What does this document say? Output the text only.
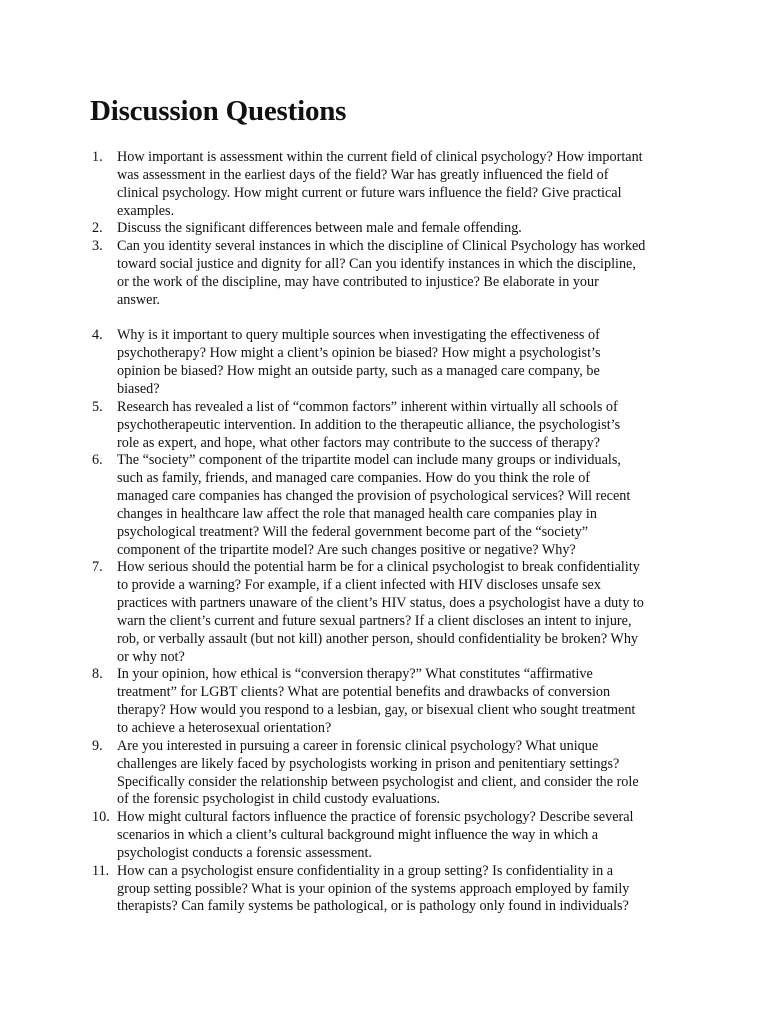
Discussion Questions
1. How important is assessment within the current field of clinical psychology? How important
was assessment in the earliest days of the field? War has greatly influenced the field of
clinical psychology. How might current or future wars influence the field? Give practical
examples.
2. Discuss the significant differences between male and female offending.
3. Can you identity several instances in which the discipline of Clinical Psychology has worked
toward social justice and dignity for all? Can you identify instances in which the discipline,
or the work of the discipline, may have contributed to injustice? Be elaborate in your
answer.
4. Why is it important to query multiple sources when investigating the effectiveness of
psychotherapy? How might a client’s opinion be biased? How might a psychologist’s
opinion be biased? How might an outside party, such as a managed care company, be
biased?
5. Research has revealed a list of “common factors” inherent within virtually all schools of
psychotherapeutic intervention. In addition to the therapeutic alliance, the psychologist’s
role as expert, and hope, what other factors may contribute to the success of therapy?
6. The “society” component of the tripartite model can include many groups or individuals,
such as family, friends, and managed care companies. How do you think the role of
managed care companies has changed the provision of psychological services? Will recent
changes in healthcare law affect the role that managed health care companies play in
psychological treatment? Will the federal government become part of the “society”
component of the tripartite model? Are such changes positive or negative? Why?
7. How serious should the potential harm be for a clinical psychologist to break confidentiality
to provide a warning? For example, if a client infected with HIV discloses unsafe sex
practices with partners unaware of the client’s HIV status, does a psychologist have a duty to
warn the client’s current and future sexual partners? If a client discloses an intent to injure,
rob, or verbally assault (but not kill) another person, should confidentiality be broken? Why
or why not?
8. In your opinion, how ethical is “conversion therapy?” What constitutes “affirmative
treatment” for LGBT clients? What are potential benefits and drawbacks of conversion
therapy? How would you respond to a lesbian, gay, or bisexual client who sought treatment
to achieve a heterosexual orientation?
9. Are you interested in pursuing a career in forensic clinical psychology? What unique
challenges are likely faced by psychologists working in prison and penitentiary settings?
Specifically consider the relationship between psychologist and client, and consider the role
of the forensic psychologist in child custody evaluations.
10. How might cultural factors influence the practice of forensic psychology? Describe several
scenarios in which a client’s cultural background might influence the way in which a
psychologist conducts a forensic assessment.
11. How can a psychologist ensure confidentiality in a group setting? Is confidentiality in a
group setting possible? What is your opinion of the systems approach employed by family
therapists? Can family systems be pathological, or is pathology only found in individuals?
